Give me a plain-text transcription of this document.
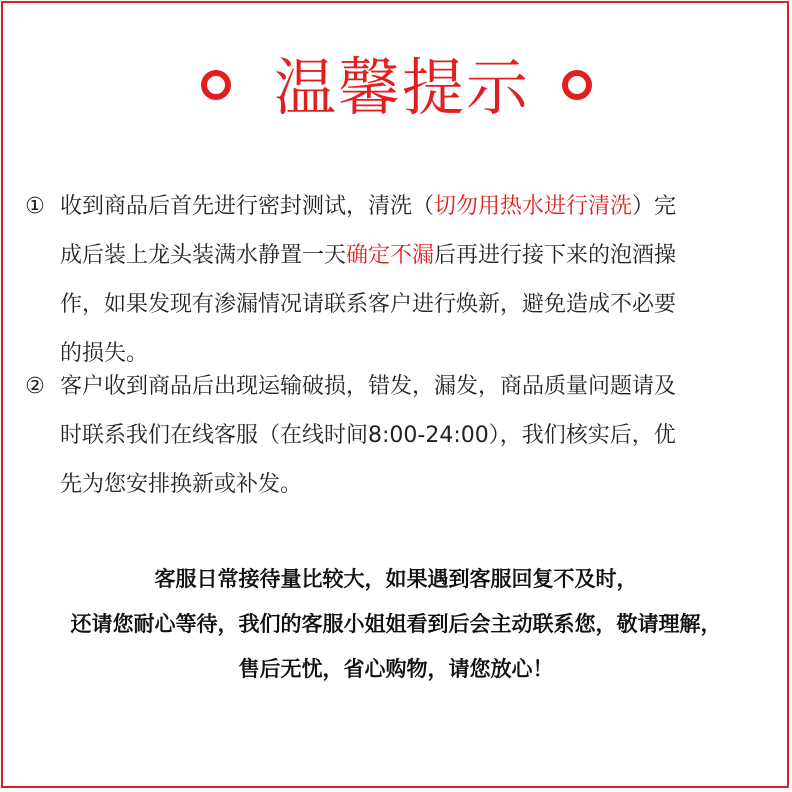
温馨提示
① 收到商品后首先进行密封测试，清洗（切勿用热水进行清洗）完
成后装上龙头装满水静置一天确定不漏后再进行接下来的泡酒操
作，如果发现有渗漏情况请联系客户进行焕新，避免造成不必要
的损失。
② 客户收到商品后出现运输破损，错发，漏发，商品质量问题请及
时联系我们在线客服（在线时间8:00-24:00），我们核实后，优
先为您安排换新或补发。
客服日常接待量比较大，如果遇到客服回复不及时，
还请您耐心等待，我们的客服小姐姐看到后会主动联系您，敬请理解，
售后无忧，省心购物，请您放心！
